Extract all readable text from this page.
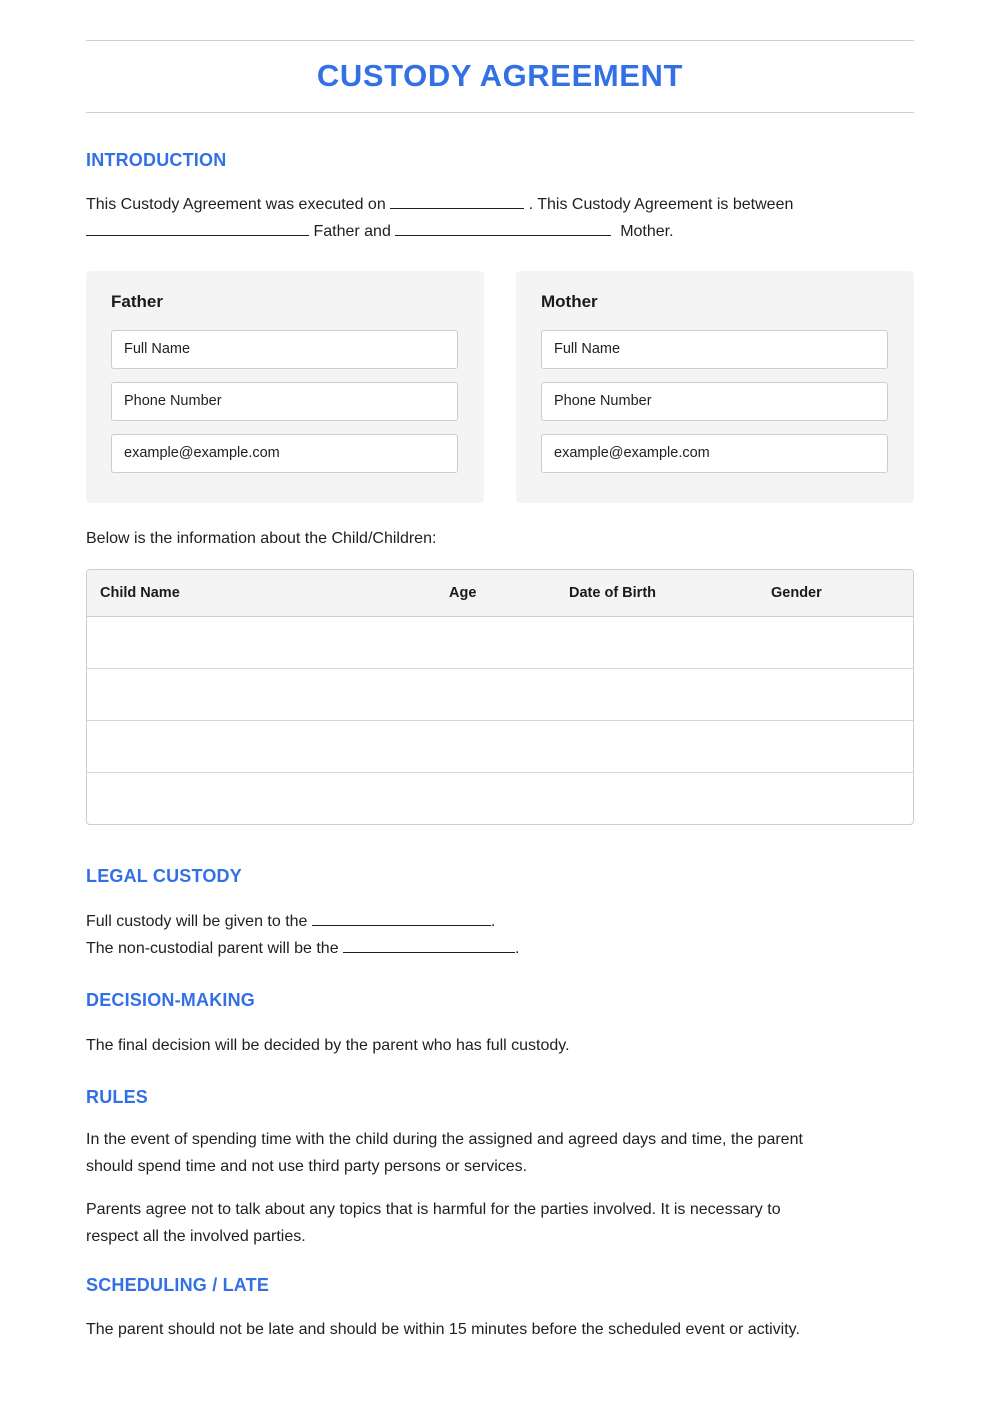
CUSTODY AGREEMENT
INTRODUCTION
This Custody Agreement was executed on	. This Custody Agreement is between
Father and	Mother.
Father
Full Name
Phone Number
example@example.com
Mother
Full Name
Phone Number
example@example.com
Below is the information about the Child/Children:
Child Name	Age	Date of Birth	Gender
LEGAL CUSTODY
Full custody will be given to the	.
The non-custodial parent will be the	.
DECISION-MAKING
The final decision will be decided by the parent who has full custody.
RULES
In the event of spending time with the child during the assigned and agreed days and time, the parent
should spend time and not use third party persons or services.
Parents agree not to talk about any topics that is harmful for the parties involved. It is necessary to
respect all the involved parties.
SCHEDULING / LATE
The parent should not be late and should be within 15 minutes before the scheduled event or activity.
